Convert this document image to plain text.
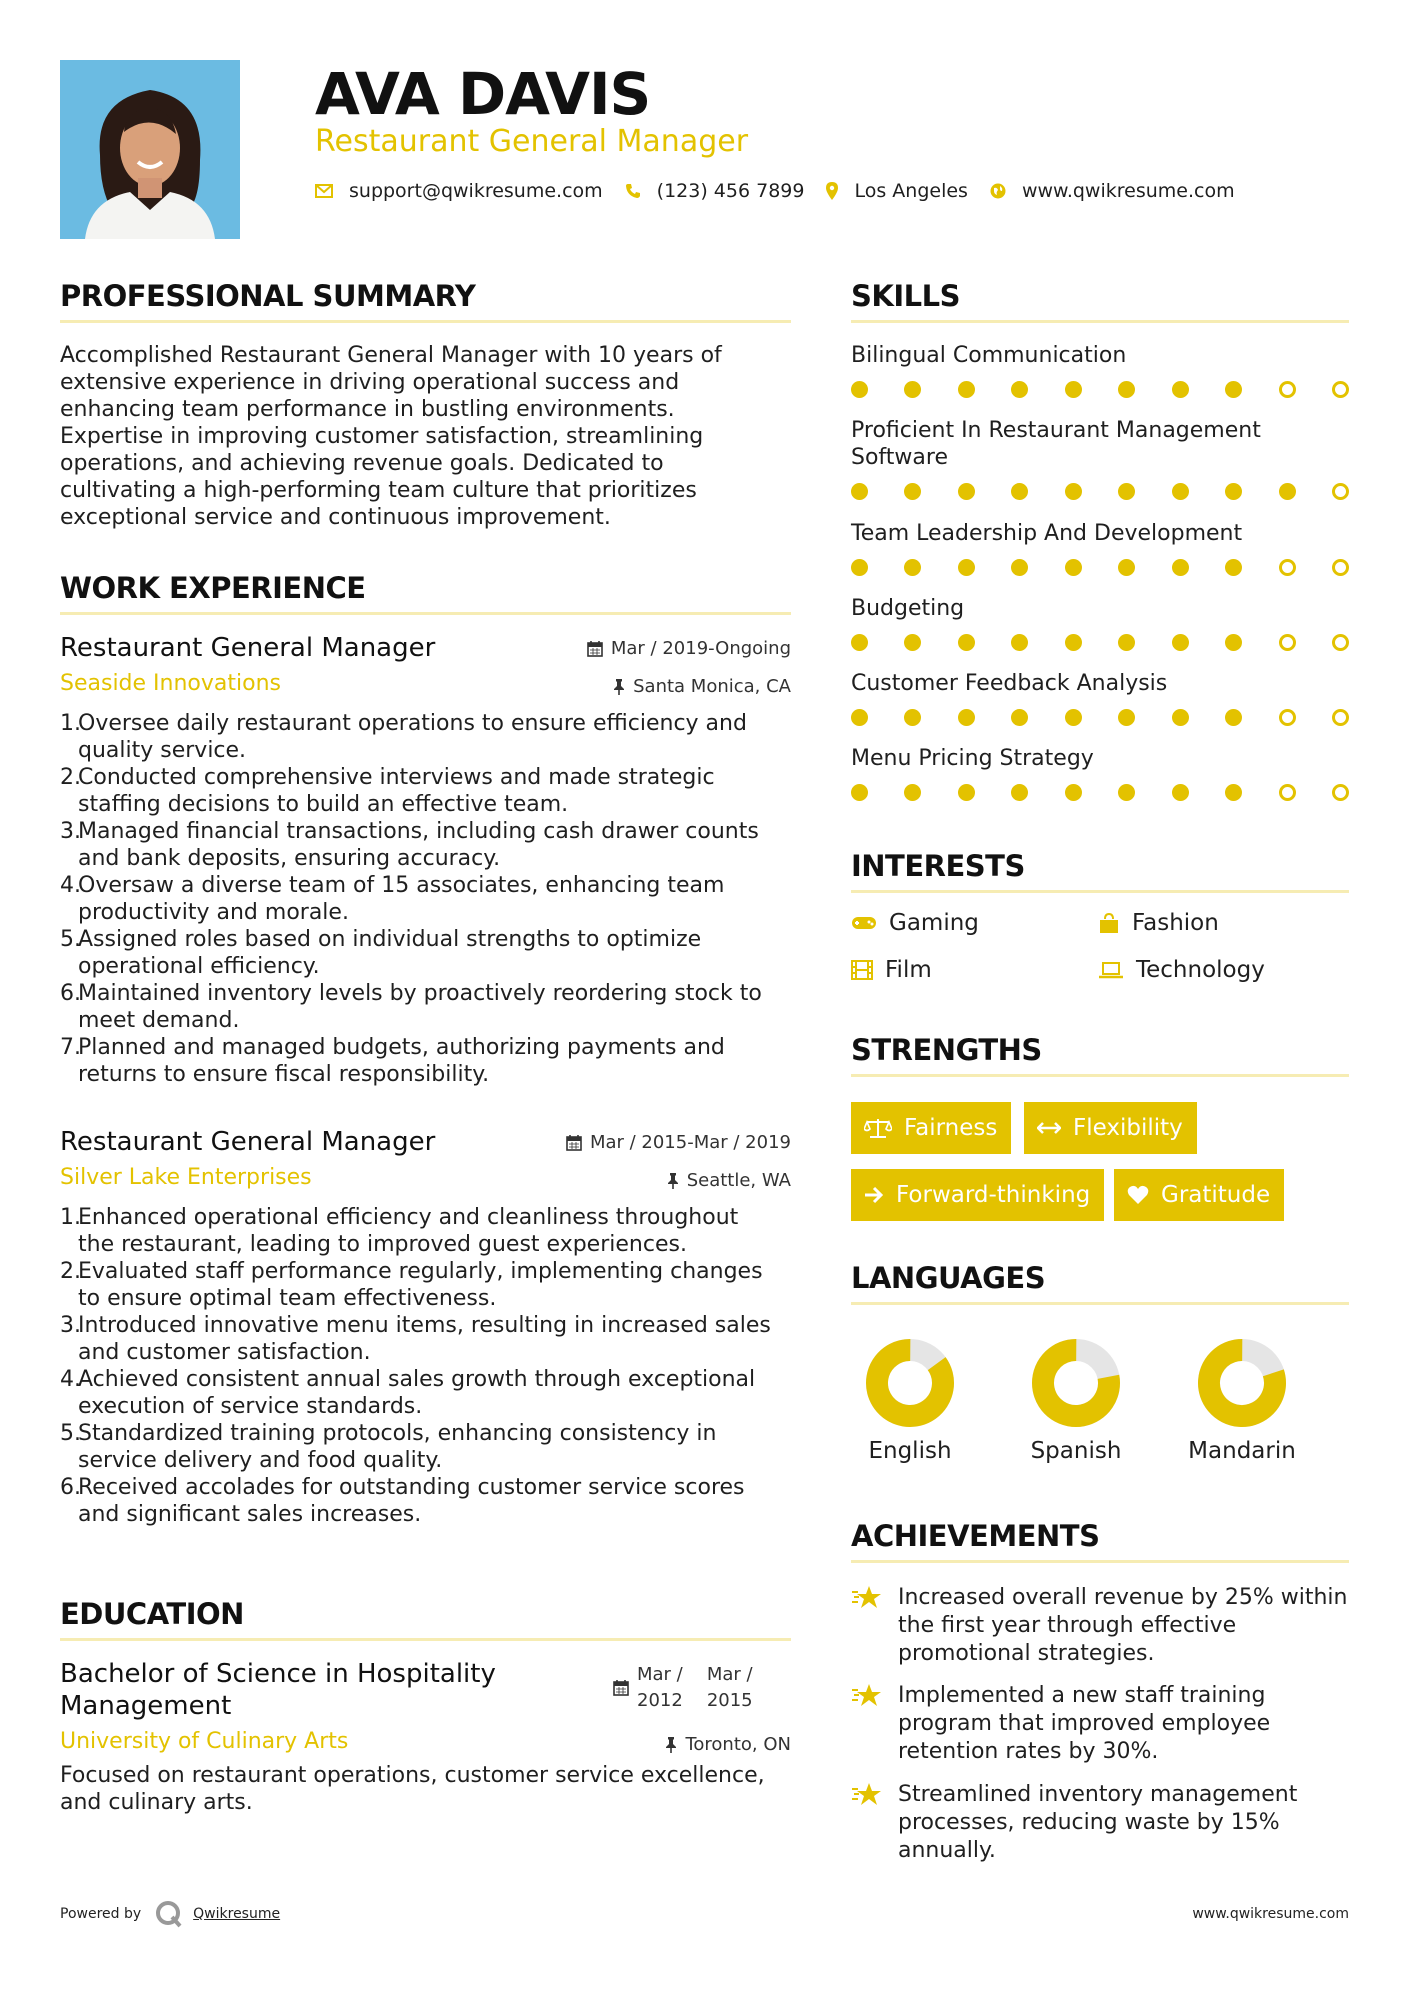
AVA DAVIS
Restaurant General Manager
support@qwikresume.com	(123) 456 7899	Los Angeles	www.qwikresume.com
PROFESSIONAL SUMMARY
Accomplished Restaurant General Manager with 10 years of
extensive experience in driving operational success and
enhancing team performance in bustling environments.
Expertise in improving customer satisfaction, streamlining
operations, and achieving revenue goals. Dedicated to
cultivating a high-performing team culture that prioritizes
exceptional service and continuous improvement.
WORK EXPERIENCE
Restaurant General Manager	Mar / 2019-Ongoing
Seaside Innovations	Santa Monica, CA
1.
Oversee daily restaurant operations to ensure efficiency and
quality service.
2.
Conducted comprehensive interviews and made strategic
staffing decisions to build an effective team.
3.
Managed financial transactions, including cash drawer counts
and bank deposits, ensuring accuracy.
4.
Oversaw a diverse team of 15 associates, enhancing team
productivity and morale.
5.
Assigned roles based on individual strengths to optimize
operational efficiency.
6.
Maintained inventory levels by proactively reordering stock to
meet demand.
7.
Planned and managed budgets, authorizing payments and
returns to ensure fiscal responsibility.
Restaurant General Manager	Mar / 2015-Mar / 2019
Silver Lake Enterprises	Seattle, WA
1.
Enhanced operational efficiency and cleanliness throughout
the restaurant, leading to improved guest experiences.
2.
Evaluated staff performance regularly, implementing changes
to ensure optimal team effectiveness.
3.
Introduced innovative menu items, resulting in increased sales
and customer satisfaction.
4.
Achieved consistent annual sales growth through exceptional
execution of service standards.
5.
Standardized training protocols, enhancing consistency in
service delivery and food quality.
6.
Received accolades for outstanding customer service scores
and significant sales increases.
EDUCATION
Bachelor of Science in Hospitality
Management
Mar /
2012
Mar /
2015
University of Culinary Arts	Toronto, ON
Focused on restaurant operations, customer service excellence,
and culinary arts.
SKILLS
Bilingual Communication
Proficient In Restaurant Management Software
Team Leadership And Development
Budgeting
Customer Feedback Analysis
Menu Pricing Strategy
INTERESTS
Gaming	Fashion
Film	Technology
STRENGTHS
Fairness	Flexibility
Forward-thinking	Gratitude
LANGUAGES
English	Spanish	Mandarin
ACHIEVEMENTS
Increased overall revenue by 25% within
the first year through effective
promotional strategies.
Implemented a new staff training
program that improved employee
retention rates by 30%.
Streamlined inventory management
processes, reducing waste by 15%
annually.
Powered by	Qwikresume	www.qwikresume.com
